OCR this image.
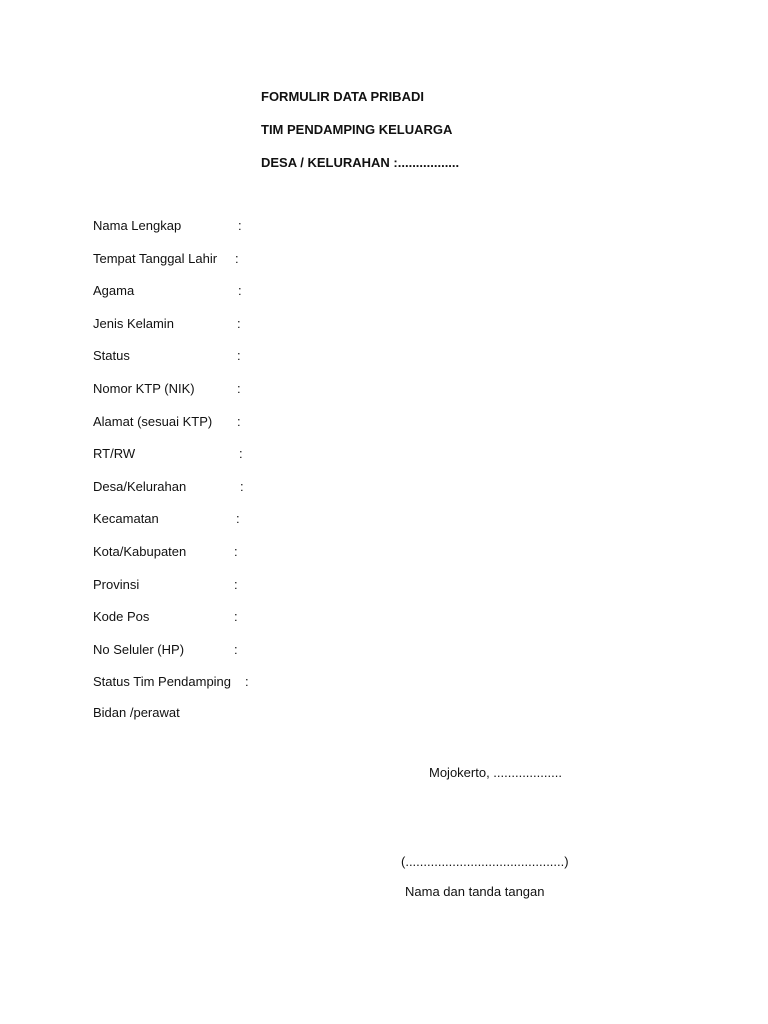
FORMULIR DATA PRIBADI
TIM PENDAMPING KELUARGA
DESA / KELURAHAN :.................
Nama Lengkap	:
Tempat Tanggal Lahir :
Agama	:
Jenis Kelamin	:
Status	:
Nomor KTP (NIK)	:
Alamat (sesuai KTP) :
RT/RW	:
Desa/Kelurahan	:
Kecamatan	:
Kota/Kabupaten	:
Provinsi	:
Kode Pos	:
No Seluler (HP)	:
Status Tim Pendamping :
Bidan /perawat
Mojokerto, ...................
(............................................)
Nama dan tanda tangan
